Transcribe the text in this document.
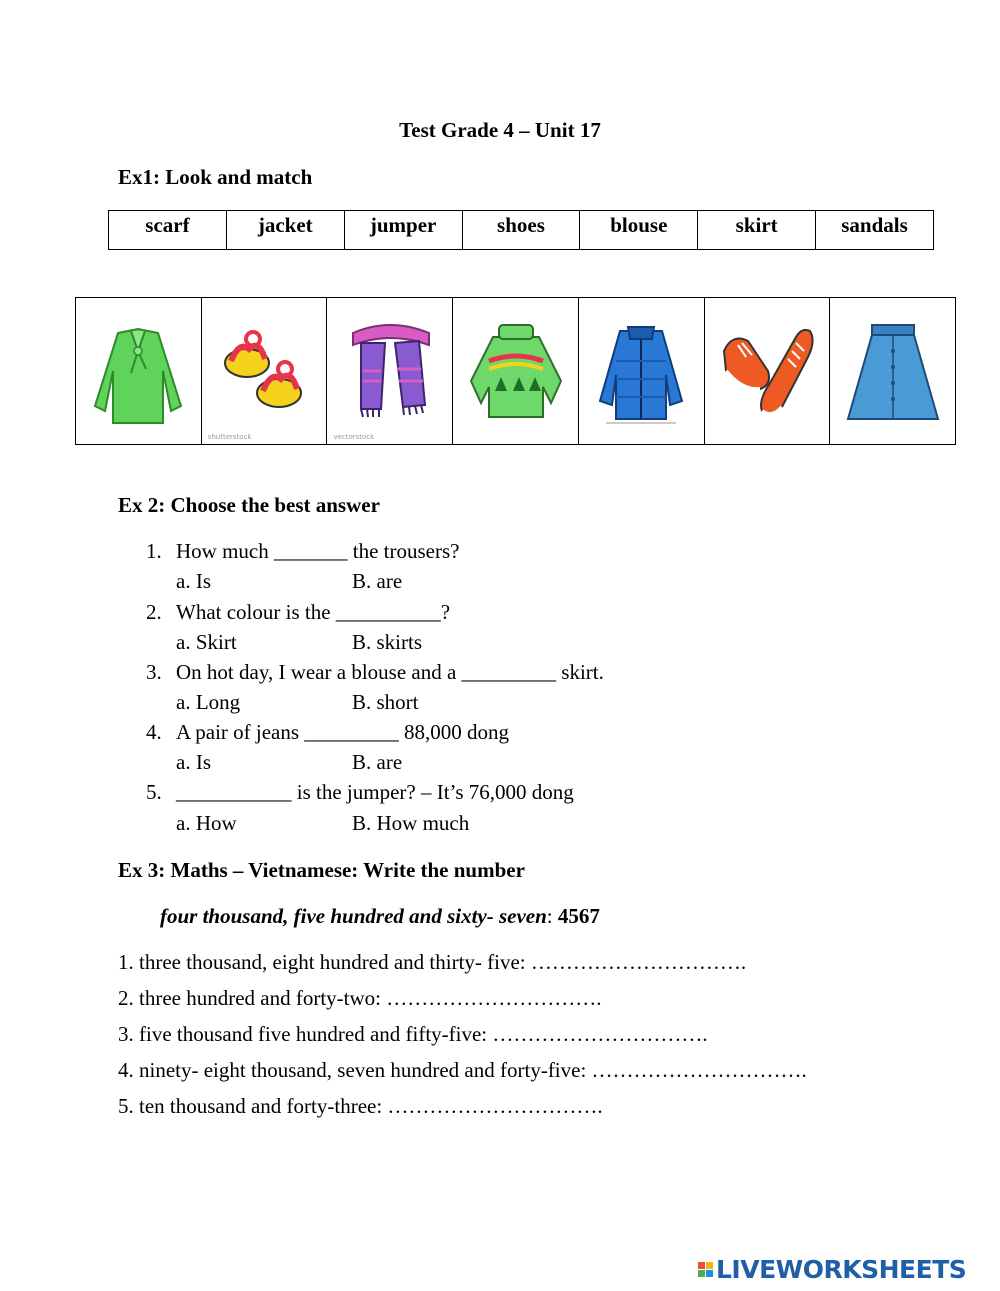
Test Grade 4 – Unit 17
Ex1: Look and match
scarf	jacket	jumper	shoes	blouse	skirt	sandals
shutterstock	vectorstock
Ex 2: Choose the best answer
1. How much _______ the trousers?
a. Is	B. are
2. What colour is the __________?
a. Skirt	B. skirts
3. On hot day, I wear a blouse and a _________ skirt.
a. Long	B. short
4. A pair of jeans _________ 88,000 dong
a. Is	B. are
5. ___________ is the jumper? – It’s 76,000 dong
a. How	B. How much
Ex 3: Maths – Vietnamese: Write the number
four thousand, five hundred and sixty- seven: 4567
1. three thousand, eight hundred and thirty- five: ………………………….
2. three hundred and forty-two: ………………………….
3. five thousand five hundred and fifty-five: ………………………….
4. ninety- eight thousand, seven hundred and forty-five: ………………………….
5. ten thousand and forty-three: ………………………….
LIVEWORKSHEETS
